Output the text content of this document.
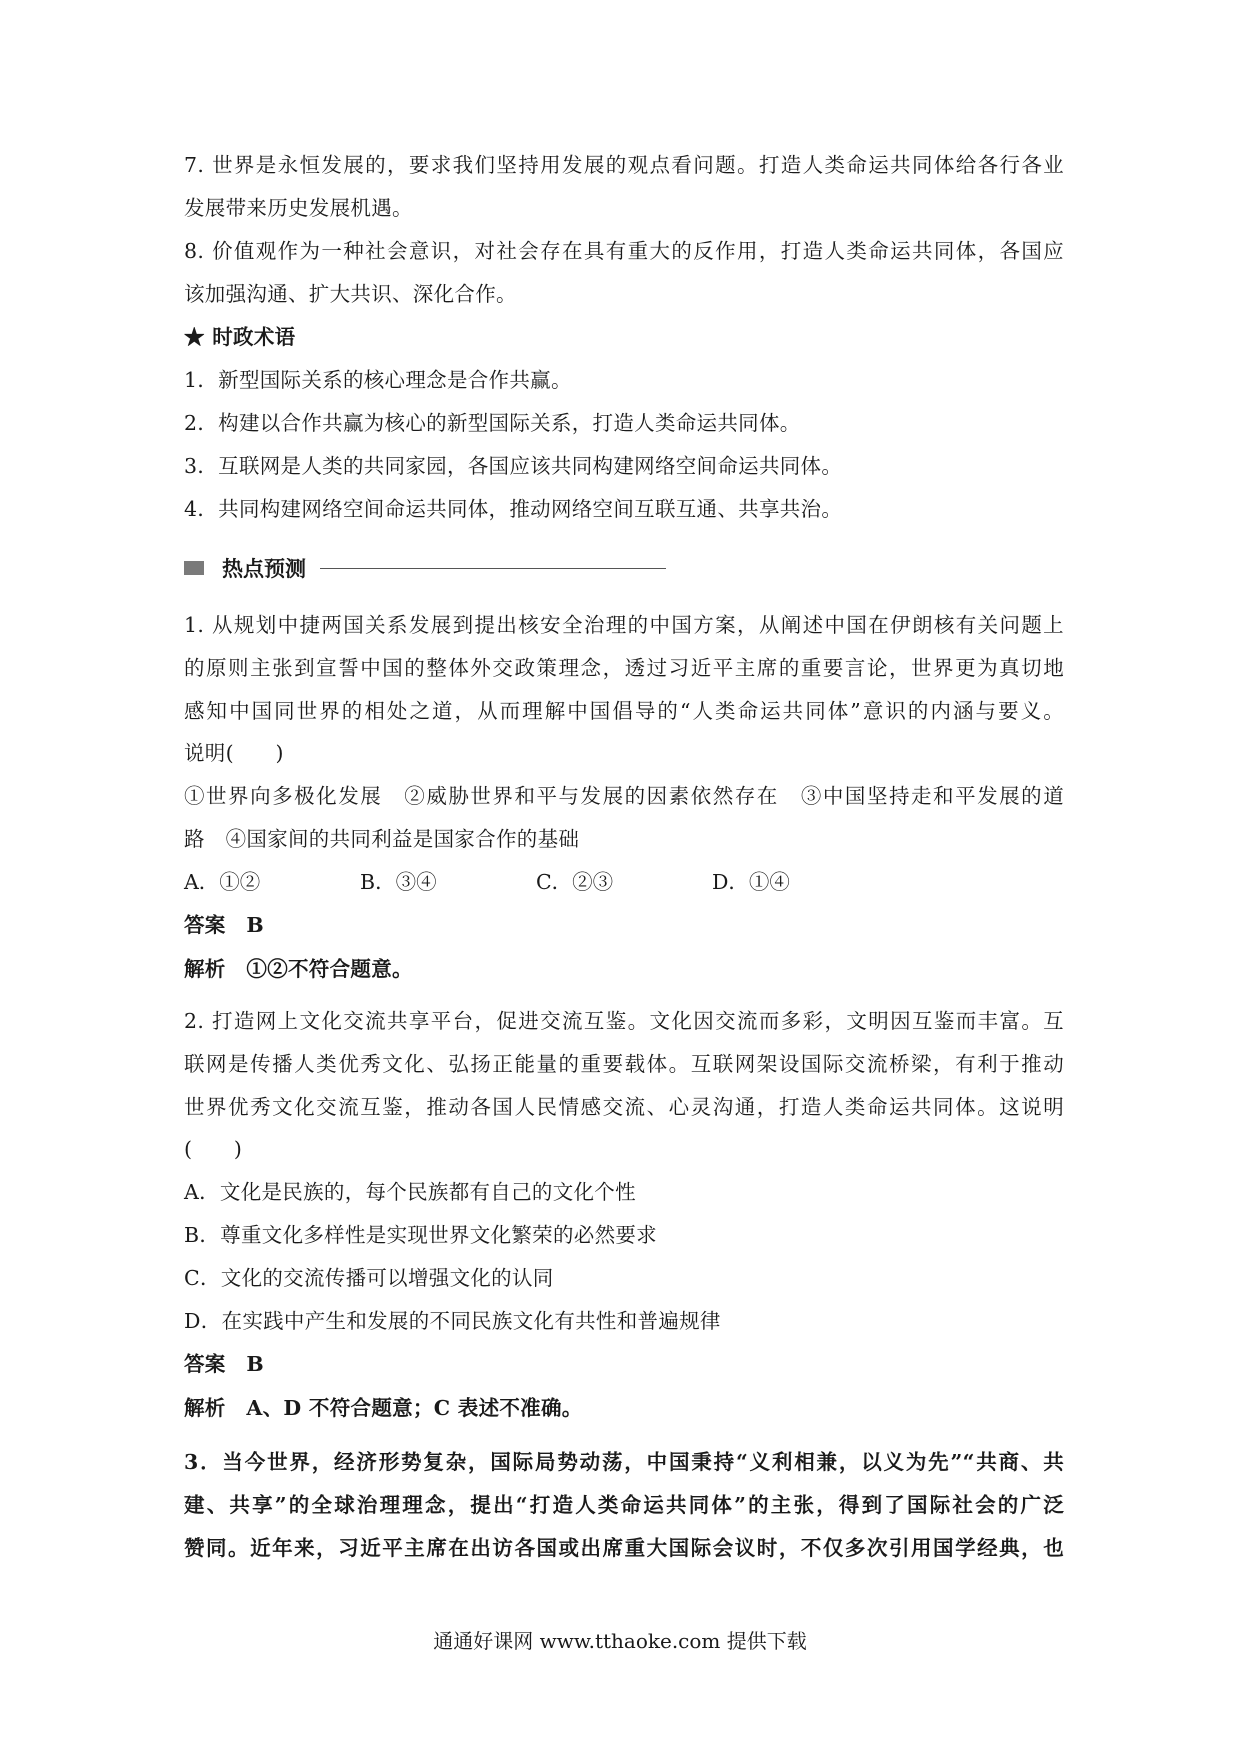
7. 世界是永恒发展的，要求我们坚持用发展的观点看问题。打造人类命运共同体给各行各业
发展带来历史发展机遇。
8. 价值观作为一种社会意识，对社会存在具有重大的反作用，打造人类命运共同体，各国应
该加强沟通、扩大共识、深化合作。
★ 时政术语
1．新型国际关系的核心理念是合作共赢。
2．构建以合作共赢为核心的新型国际关系，打造人类命运共同体。
3．互联网是人类的共同家园，各国应该共同构建网络空间命运共同体。
4．共同构建网络空间命运共同体，推动网络空间互联互通、共享共治。
热点预测
1. 从规划中捷两国关系发展到提出核安全治理的中国方案，从阐述中国在伊朗核有关问题上
的原则主张到宣誓中国的整体外交政策理念，透过习近平主席的重要言论，世界更为真切地
感知中国同世界的相处之道，从而理解中国倡导的“人类命运共同体”意识的内涵与要义。
说明(　　)
①世界向多极化发展　②威胁世界和平与发展的因素依然存在　③中国坚持走和平发展的道
路　④国家间的共同利益是国家合作的基础
A．①②	B．③④	C．②③	D．①④
答案　B
解析　①②不符合题意。
2. 打造网上文化交流共享平台，促进交流互鉴。文化因交流而多彩，文明因互鉴而丰富。互
联网是传播人类优秀文化、弘扬正能量的重要载体。互联网架设国际交流桥梁，有利于推动
世界优秀文化交流互鉴，推动各国人民情感交流、心灵沟通，打造人类命运共同体。这说明
(　　)
A．文化是民族的，每个民族都有自己的文化个性
B．尊重文化多样性是实现世界文化繁荣的必然要求
C．文化的交流传播可以增强文化的认同
D．在实践中产生和发展的不同民族文化有共性和普遍规律
答案　B
解析　A、D 不符合题意；C 表述不准确。
3．当今世界，经济形势复杂，国际局势动荡，中国秉持“义利相兼，以义为先”“共商、共
建、共享”的全球治理理念，提出“打造人类命运共同体”的主张，得到了国际社会的广泛
赞同。近年来，习近平主席在出访各国或出席重大国际会议时，不仅多次引用国学经典，也
通通好课网 www.tthaoke.com 提供下载
